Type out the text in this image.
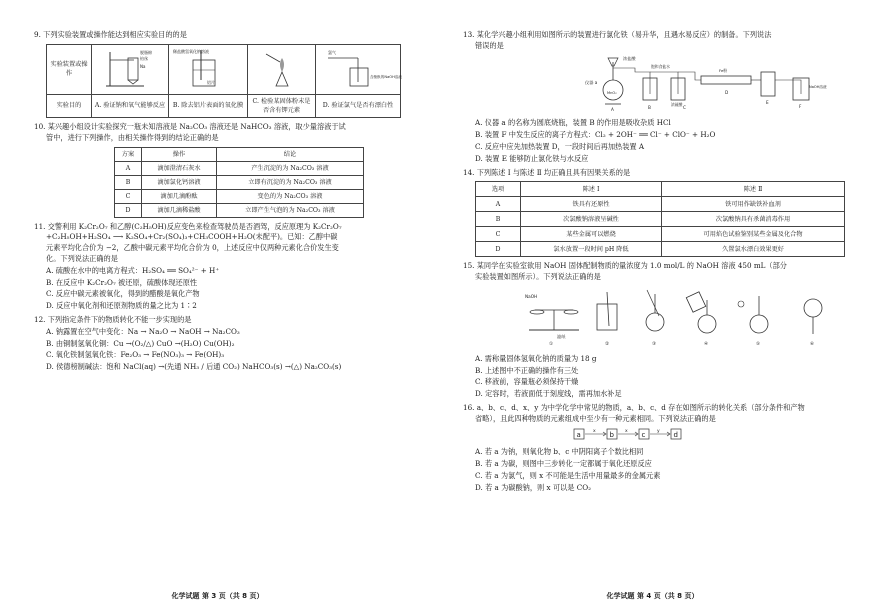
9. 下列实验装置或操作能达到相应实验目的的是

实验装置或操作	脱脂棉
铂丝
Na	稀盐酸氢氧化钠溶液
铝片		氯气
含酚酞的NaOH溶液

实验目的	A. 验证钠和氧气能够反应	B. 除去铝片表面的氧化膜	C. 检验某固体粉末是否含有钾元素	D. 验证氯气是否有漂白性

10. 某兴趣小组设计实验探究一瓶未知溶液是 Na₂CO₃ 溶液还是 NaHCO₃ 溶液，取少量溶液于试

管中，进行下列操作，由相关操作得到的结论正确的是

方案	操作	结论
A	滴加澄清石灰水	产生沉淀的为 Na₂CO₃ 溶液
B	滴加氯化钙溶液	立即有沉淀的为 Na₂CO₃ 溶液
C	滴加几滴酚酞	变色的为 Na₂CO₃ 溶液
D	滴加几滴稀盐酸	立即产生气泡的为 Na₂CO₃ 溶液

11. 交警利用 K₂Cr₂O₇ 和乙醇(C₂H₅OH)反应变色来检查驾驶员是否酒驾，反应原理为 K₂Cr₂O₇

+C₂H₅OH+H₂SO₄ ⟶ K₂SO₄+Cr₂(SO₄)₃+CH₃COOH+H₂O(未配平)。已知：乙醇中碳

元素平均化合价为 −2，乙酸中碳元素平均化合价为 0，上述反应中仅两种元素化合价发生变

化。下列说法正确的是

A. 硫酸在水中的电离方程式：H₂SO₄ ══ SO₄²⁻ + H⁺

B. 在反应中 K₂Cr₂O₇ 被还原，硫酸体现还原性

C. 反应中碳元素被氧化，得到的醋酸是氧化产物

D. 反应中氧化剂和还原剂物质的量之比为 1∶2

12. 下列指定条件下的物质转化不能一步实现的是

A. 钠露置在空气中变化：Na → Na₂O → NaOH → Na₂CO₃

B. 由铜制氢氧化铜：Cu →(O₂/△) CuO →(H₂O) Cu(OH)₂

C. 氧化铁制氢氧化铁：Fe₂O₃ → Fe(NO₃)₃ → Fe(OH)₃

D. 侯德榜制碱法：饱和 NaCl(aq) →(先通 NH₃ / 后通 CO₂) NaHCO₃(s) →(△) Na₂CO₃(s)

化学试题 第 3 页（共 8 页）

13. 某化学兴趣小组利用如图所示的装置进行氯化铁（易升华，且遇水易反应）的制备。下列说法

错误的是

浓盐酸
仪器 a
MnO₂
饱和食盐水
浓硫酸
Fe粉
NaOH溶液
A	B	C
D
E
F

A. 仪器 a 的名称为圆底烧瓶，装置 B 的作用是吸收杂质 HCl

B. 装置 F 中发生反应的离子方程式：Cl₂ + 2OH⁻ ══ Cl⁻ + ClO⁻ + H₂O

C. 反应中应先加热装置 D，一段时间后再加热装置 A

D. 装置 E 能够防止氯化铁与水反应

14. 下列陈述 Ⅰ 与陈述 Ⅱ 均正确且具有因果关系的是

选项	陈述 Ⅰ	陈述 Ⅱ
A	铁具有还原性	铁可用作缺铁补血剂
B	次氯酸钠溶液呈碱性	次氯酸钠具有杀菌消毒作用
C	某些金属可以燃烧	可用焰色试验鉴别某些金属及化合物
D	氯水放置一段时间 pH 降低	久置氯水漂白效果更好

15. 某同学在实验室欲用 NaOH 固体配制物质的量浓度为 1.0 mol/L 的 NaOH 溶液 450 mL（部分

实验装置如图所示）。下列说法正确的是

NaOH
滤纸
①	②	③	④	⑤	⑥

A. 需称量固体氢氧化钠的质量为 18 g

B. 上述图中不正确的操作有三处

C. 移液前，容量瓶必须保持干燥

D. 定容时，若液面低于刻度线，需再加水补足

16. a、b、c、d、x、y 为中学化学中常见的物质，a、b、c、d 存在如图所示的转化关系（部分条件和产物

省略），且此四种物质的元素组成中至少有一种元素相同。下列说法正确的是

a	x b x c	y d

A. 若 a 为钠，则氧化物 b、c 中阴阳离子个数比相同

B. 若 a 为碳，则图中三步转化一定都属于氧化还原反应

C. 若 a 为氯气，则 x 不可能是生活中用量最多的金属元素

D. 若 a 为碳酸钠，则 x 可以是 CO₂

化学试题 第 4 页（共 8 页）
